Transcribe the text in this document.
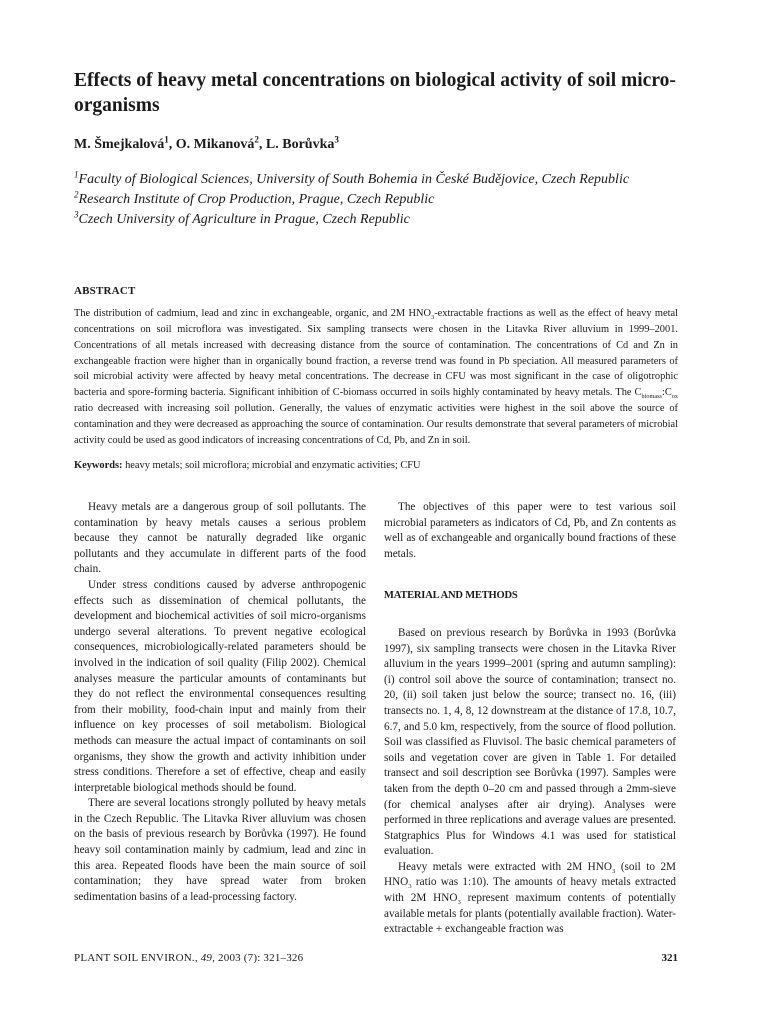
Effects of heavy metal concentrations on biological activity of soil micro-organisms
M. Šmejkalová$^1$, O. Mikanová$^2$, L. Borůvka$^3$
$^1$Faculty of Biological Sciences, University of South Bohemia in České Budějovice, Czech Republic
$^2$Research Institute of Crop Production, Prague, Czech Republic
$^3$Czech University of Agriculture in Prague, Czech Republic
ABSTRACT

The distribution of cadmium, lead and zinc in exchangeable, organic, and 2M $HNO_3$-extractable fractions as well as the effect of heavy metal concentrations on soil microflora was investigated. Six sampling transects were chosen in the Litavka River alluvium in 1999–2001. Concentrations of all metals increased with decreasing distance from the source of contamination. The concentrations of Cd and Zn in exchangeable fraction were higher than in organically bound fraction, a reverse trend was found in Pb speciation. All measured parameters of soil microbial activity were affected by heavy metal concentrations. The decrease in CFU was most significant in the case of oligotrophic bacteria and spore-forming bacteria. Significant inhibition of C-biomass occurred in soils highly contaminated by heavy metals. The $C_{biomass}:C_{ox}$ ratio decreased with increasing soil pollution. Generally, the values of enzymatic activities were highest in the soil above the source of contamination and they were decreased as approaching the source of contamination. Our results demonstrate that several parameters of microbial activity could be used as good indicators of increasing concentrations of Cd, Pb, and Zn in soil.

Keywords: heavy metals; soil microflora; microbial and enzymatic activities; CFU

Heavy metals are a dangerous group of soil pollutants. The contamination by heavy metals causes a serious problem because they cannot be naturally degraded like organic pollutants and they accumulate in different parts of the food chain.

Under stress conditions caused by adverse anthropogenic effects such as dissemination of chemical pollutants, the development and biochemical activities of soil micro-organisms undergo several alterations. To prevent negative ecological consequences, microbiologically-related parameters should be involved in the indication of soil quality (Filip 2002). Chemical analyses measure the particular amounts of contaminants but they do not reflect the environmental consequences resulting from their mobility, food-chain input and mainly from their influence on key processes of soil metabolism. Biological methods can measure the actual impact of contaminants on soil organisms, they show the growth and activity inhibition under stress conditions. Therefore a set of effective, cheap and easily interpretable biological methods should be found.

There are several locations strongly polluted by heavy metals in the Czech Republic. The Litavka River alluvium was chosen on the basis of previous research by Borůvka (1997). He found heavy soil contamination mainly by cadmium, lead and zinc in this area. Repeated floods have been the main source of soil contamination; they have spread water from broken sedimentation basins of a lead-processing factory.

The objectives of this paper were to test various soil microbial parameters as indicators of Cd, Pb, and Zn contents as well as of exchangeable and organically bound fractions of these metals.

MATERIAL AND METHODS

Based on previous research by Borůvka in 1993 (Borůvka 1997), six sampling transects were chosen in the Litavka River alluvium in the years 1999–2001 (spring and autumn sampling): (i) control soil above the source of contamination; transect no. 20, (ii) soil taken just below the source; transect no. 16, (iii) transects no. 1, 4, 8, 12 downstream at the distance of 17.8, 10.7, 6.7, and 5.0 km, respectively, from the source of flood pollution. Soil was classified as Fluvisol. The basic chemical parameters of soils and vegetation cover are given in Table 1. For detailed transect and soil description see Borůvka (1997). Samples were taken from the depth 0–20 cm and passed through a 2mm-sieve (for chemical analyses after air drying). Analyses were performed in three replications and average values are presented. Statgraphics Plus for Windows 4.1 was used for statistical evaluation.

Heavy metals were extracted with 2M $HNO_3$ (soil to 2M $HNO_3$ ratio was 1:10). The amounts of heavy metals extracted with 2M $HNO_3$ represent maximum contents of potentially available metals for plants (potentially available fraction). Water-extractable + exchangeable fraction was

PLANT SOIL ENVIRON., 49, 2003 (7): 321–326	321
